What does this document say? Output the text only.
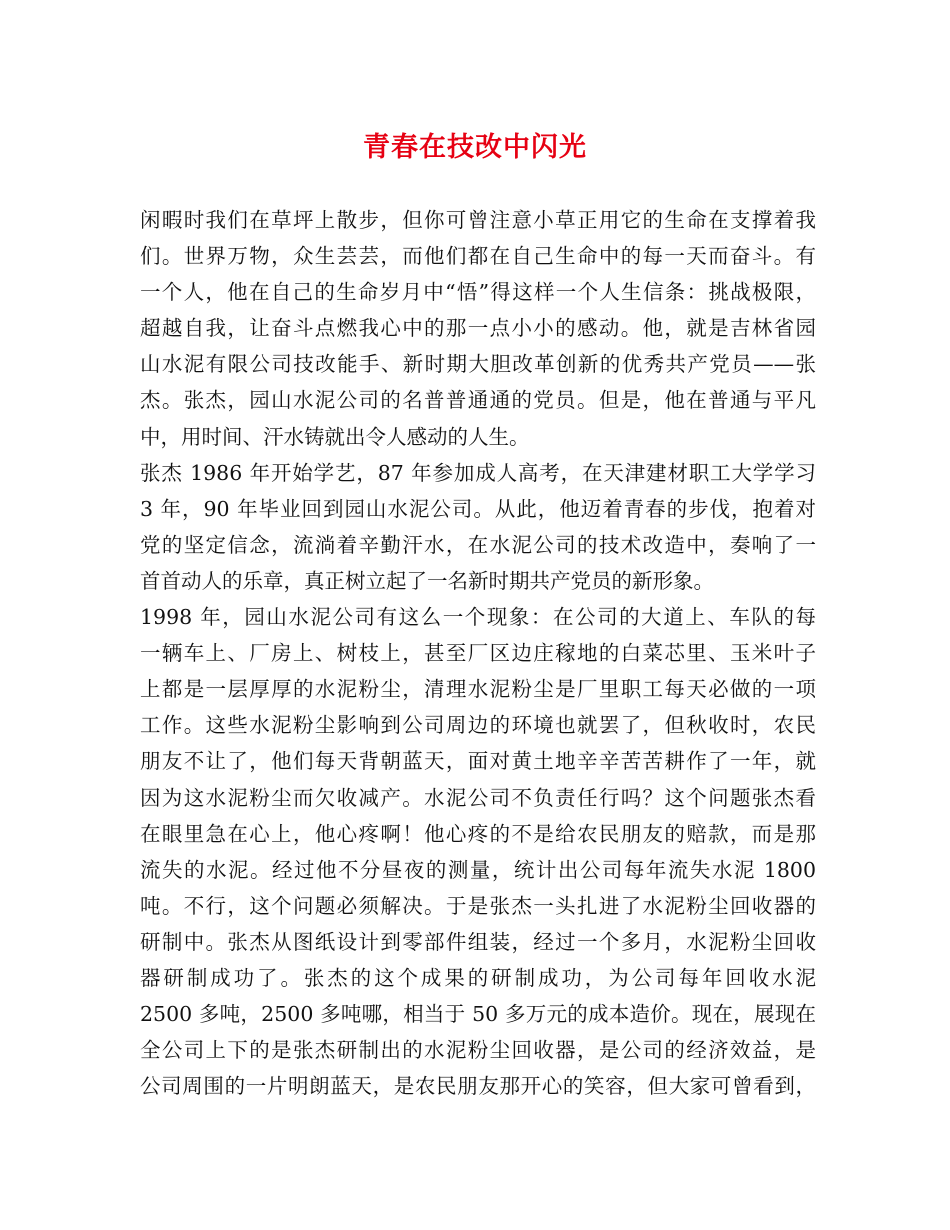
青春在技改中闪光
闲暇时我们在草坪上散步，但你可曾注意小草正用它的生命在支撑着我
们。世界万物，众生芸芸，而他们都在自己生命中的每一天而奋斗。有
一个人，他在自己的生命岁月中“悟”得这样一个人生信条：挑战极限，
超越自我，让奋斗点燃我心中的那一点小小的感动。他，就是吉林省园
山水泥有限公司技改能手、新时期大胆改革创新的优秀共产党员——张
杰。张杰，园山水泥公司的名普普通通的党员。但是，他在普通与平凡
中，用时间、汗水铸就出令人感动的人生。
张杰 1986 年开始学艺，87 年参加成人高考，在天津建材职工大学学习
3 年，90 年毕业回到园山水泥公司。从此，他迈着青春的步伐，抱着对
党的坚定信念，流淌着辛勤汗水，在水泥公司的技术改造中，奏响了一
首首动人的乐章，真正树立起了一名新时期共产党员的新形象。
1998 年，园山水泥公司有这么一个现象：在公司的大道上、车队的每
一辆车上、厂房上、树枝上，甚至厂区边庄稼地的白菜芯里、玉米叶子
上都是一层厚厚的水泥粉尘，清理水泥粉尘是厂里职工每天必做的一项
工作。这些水泥粉尘影响到公司周边的环境也就罢了，但秋收时，农民
朋友不让了，他们每天背朝蓝天，面对黄土地辛辛苦苦耕作了一年，就
因为这水泥粉尘而欠收减产。水泥公司不负责任行吗？这个问题张杰看
在眼里急在心上，他心疼啊！他心疼的不是给农民朋友的赔款，而是那
流失的水泥。经过他不分昼夜的测量，统计出公司每年流失水泥 1800
吨。不行，这个问题必须解决。于是张杰一头扎进了水泥粉尘回收器的
研制中。张杰从图纸设计到零部件组装，经过一个多月，水泥粉尘回收
器研制成功了。张杰的这个成果的研制成功，为公司每年回收水泥
2500 多吨，2500 多吨哪，相当于 50 多万元的成本造价。现在，展现在
全公司上下的是张杰研制出的水泥粉尘回收器，是公司的经济效益，是
公司周围的一片明朗蓝天，是农民朋友那开心的笑容，但大家可曾看到，
